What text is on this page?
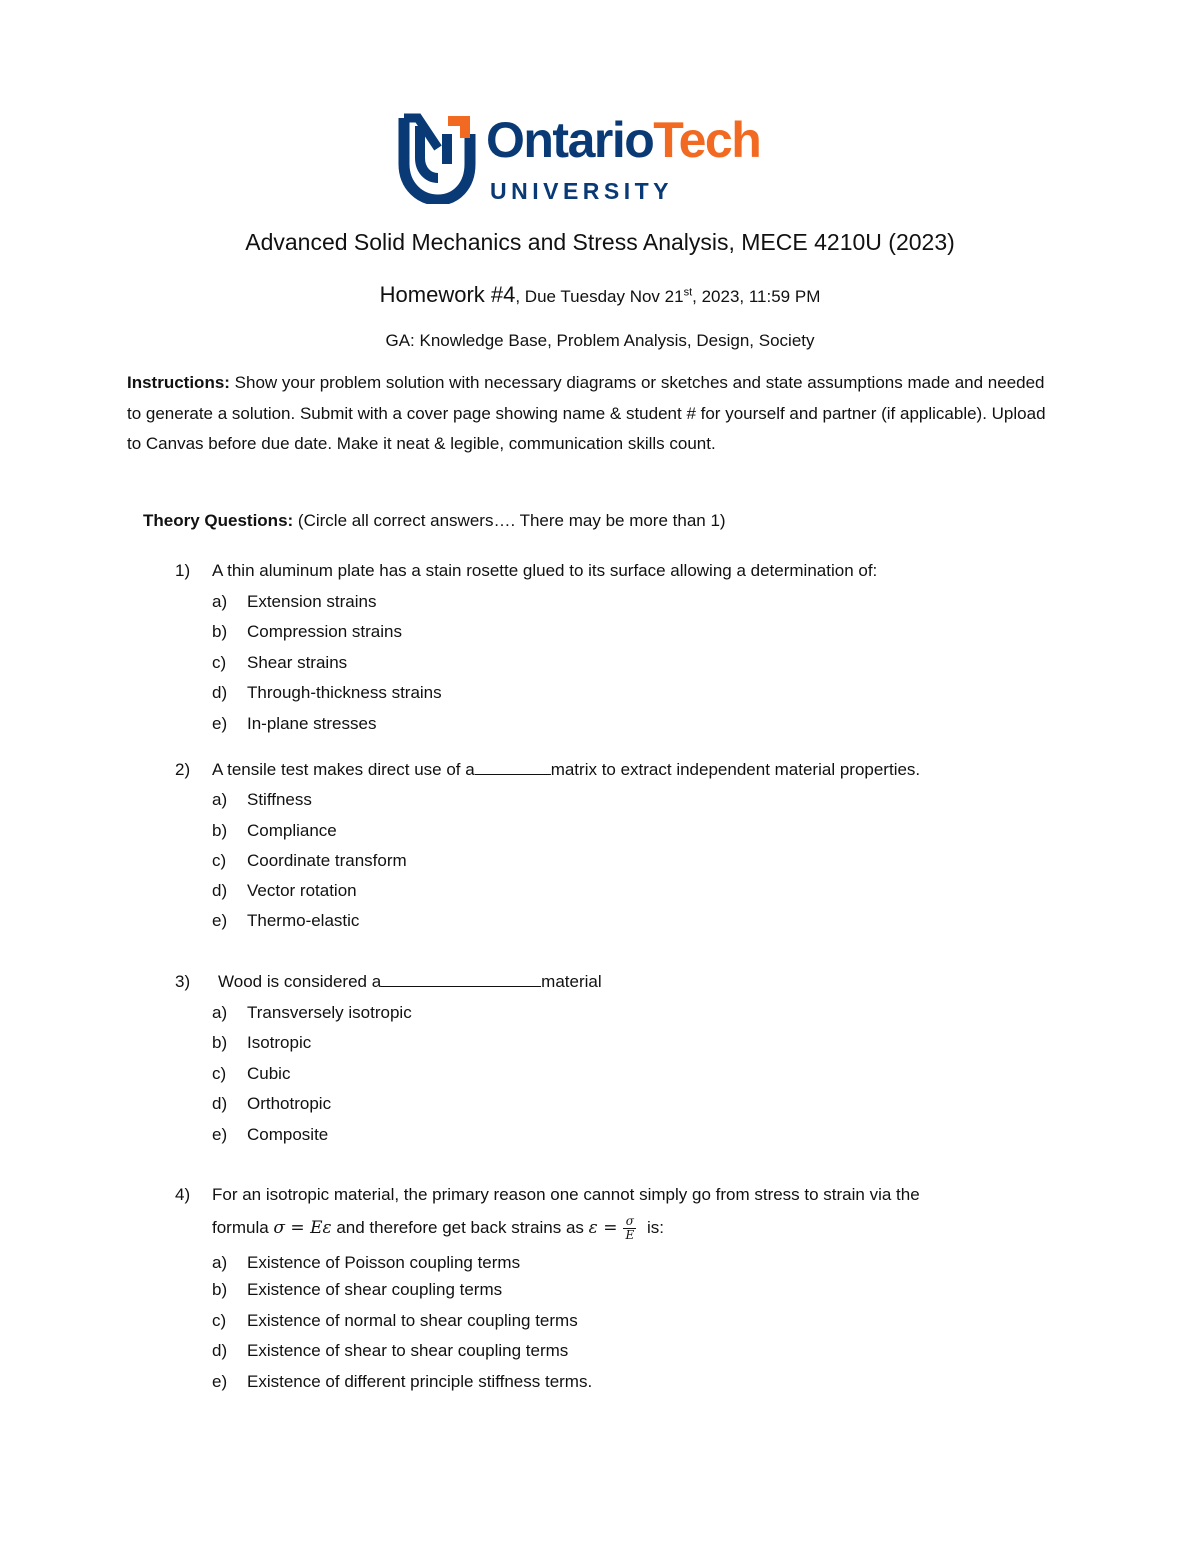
OntarioTech
UNIVERSITY
Advanced Solid Mechanics and Stress Analysis, MECE 4210U (2023)
Homework #4, Due Tuesday Nov 21st, 2023, 11:59 PM
GA: Knowledge Base, Problem Analysis, Design, Society
Instructions: Show your problem solution with necessary diagrams or sketches and state assumptions made and needed to generate a solution. Submit with a cover page showing name & student # for yourself and partner (if applicable). Upload to Canvas before due date. Make it neat & legible, communication skills count.
Theory Questions: (Circle all correct answers…. There may be more than 1)
1) A thin aluminum plate has a stain rosette glued to its surface allowing a determination of:
a) Extension strains
b) Compression strains
c) Shear strains
d) Through-thickness strains
e) In-plane stresses
2) A tensile test makes direct use of a	matrix to extract independent material properties.
a) Stiffness
b) Compliance
c) Coordinate transform
d) Vector rotation
e) Thermo-elastic
3) Wood is considered a	material
a) Transversely isotropic
b) Isotropic
c) Cubic
d) Orthotropic
e) Composite
4) For an isotropic material, the primary reason one cannot simply go from stress to strain via the
formula σ = Eε and therefore get back strains as $\varepsilon = \frac{\sigma}{E}$ is:
a) Existence of Poisson coupling terms
b) Existence of shear coupling terms
c) Existence of normal to shear coupling terms
d) Existence of shear to shear coupling terms
e) Existence of different principle stiffness terms.
